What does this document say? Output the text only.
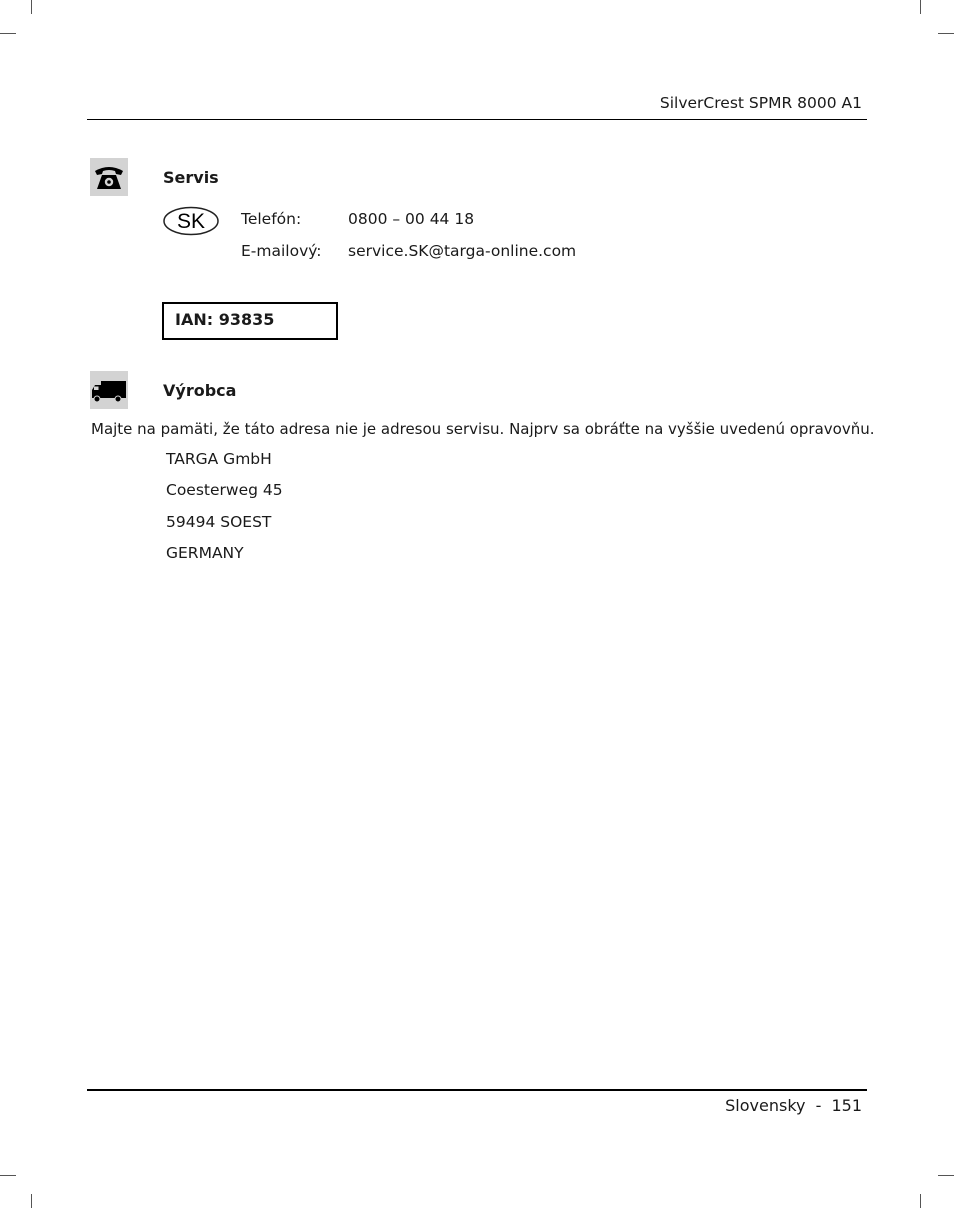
SilverCrest SPMR 8000 A1
Servis
SK Telefón:	0800 – 00 44 18
E-mailový: service.SK@targa-online.com
IAN: 93835
Výrobca
Majte na pamäti, že táto adresa nie je adresou servisu. Najprv sa obráťte na vyššie uvedenú opravovňu.
TARGA GmbH
Coesterweg 45
59494 SOEST
GERMANY
Slovensky - 151
